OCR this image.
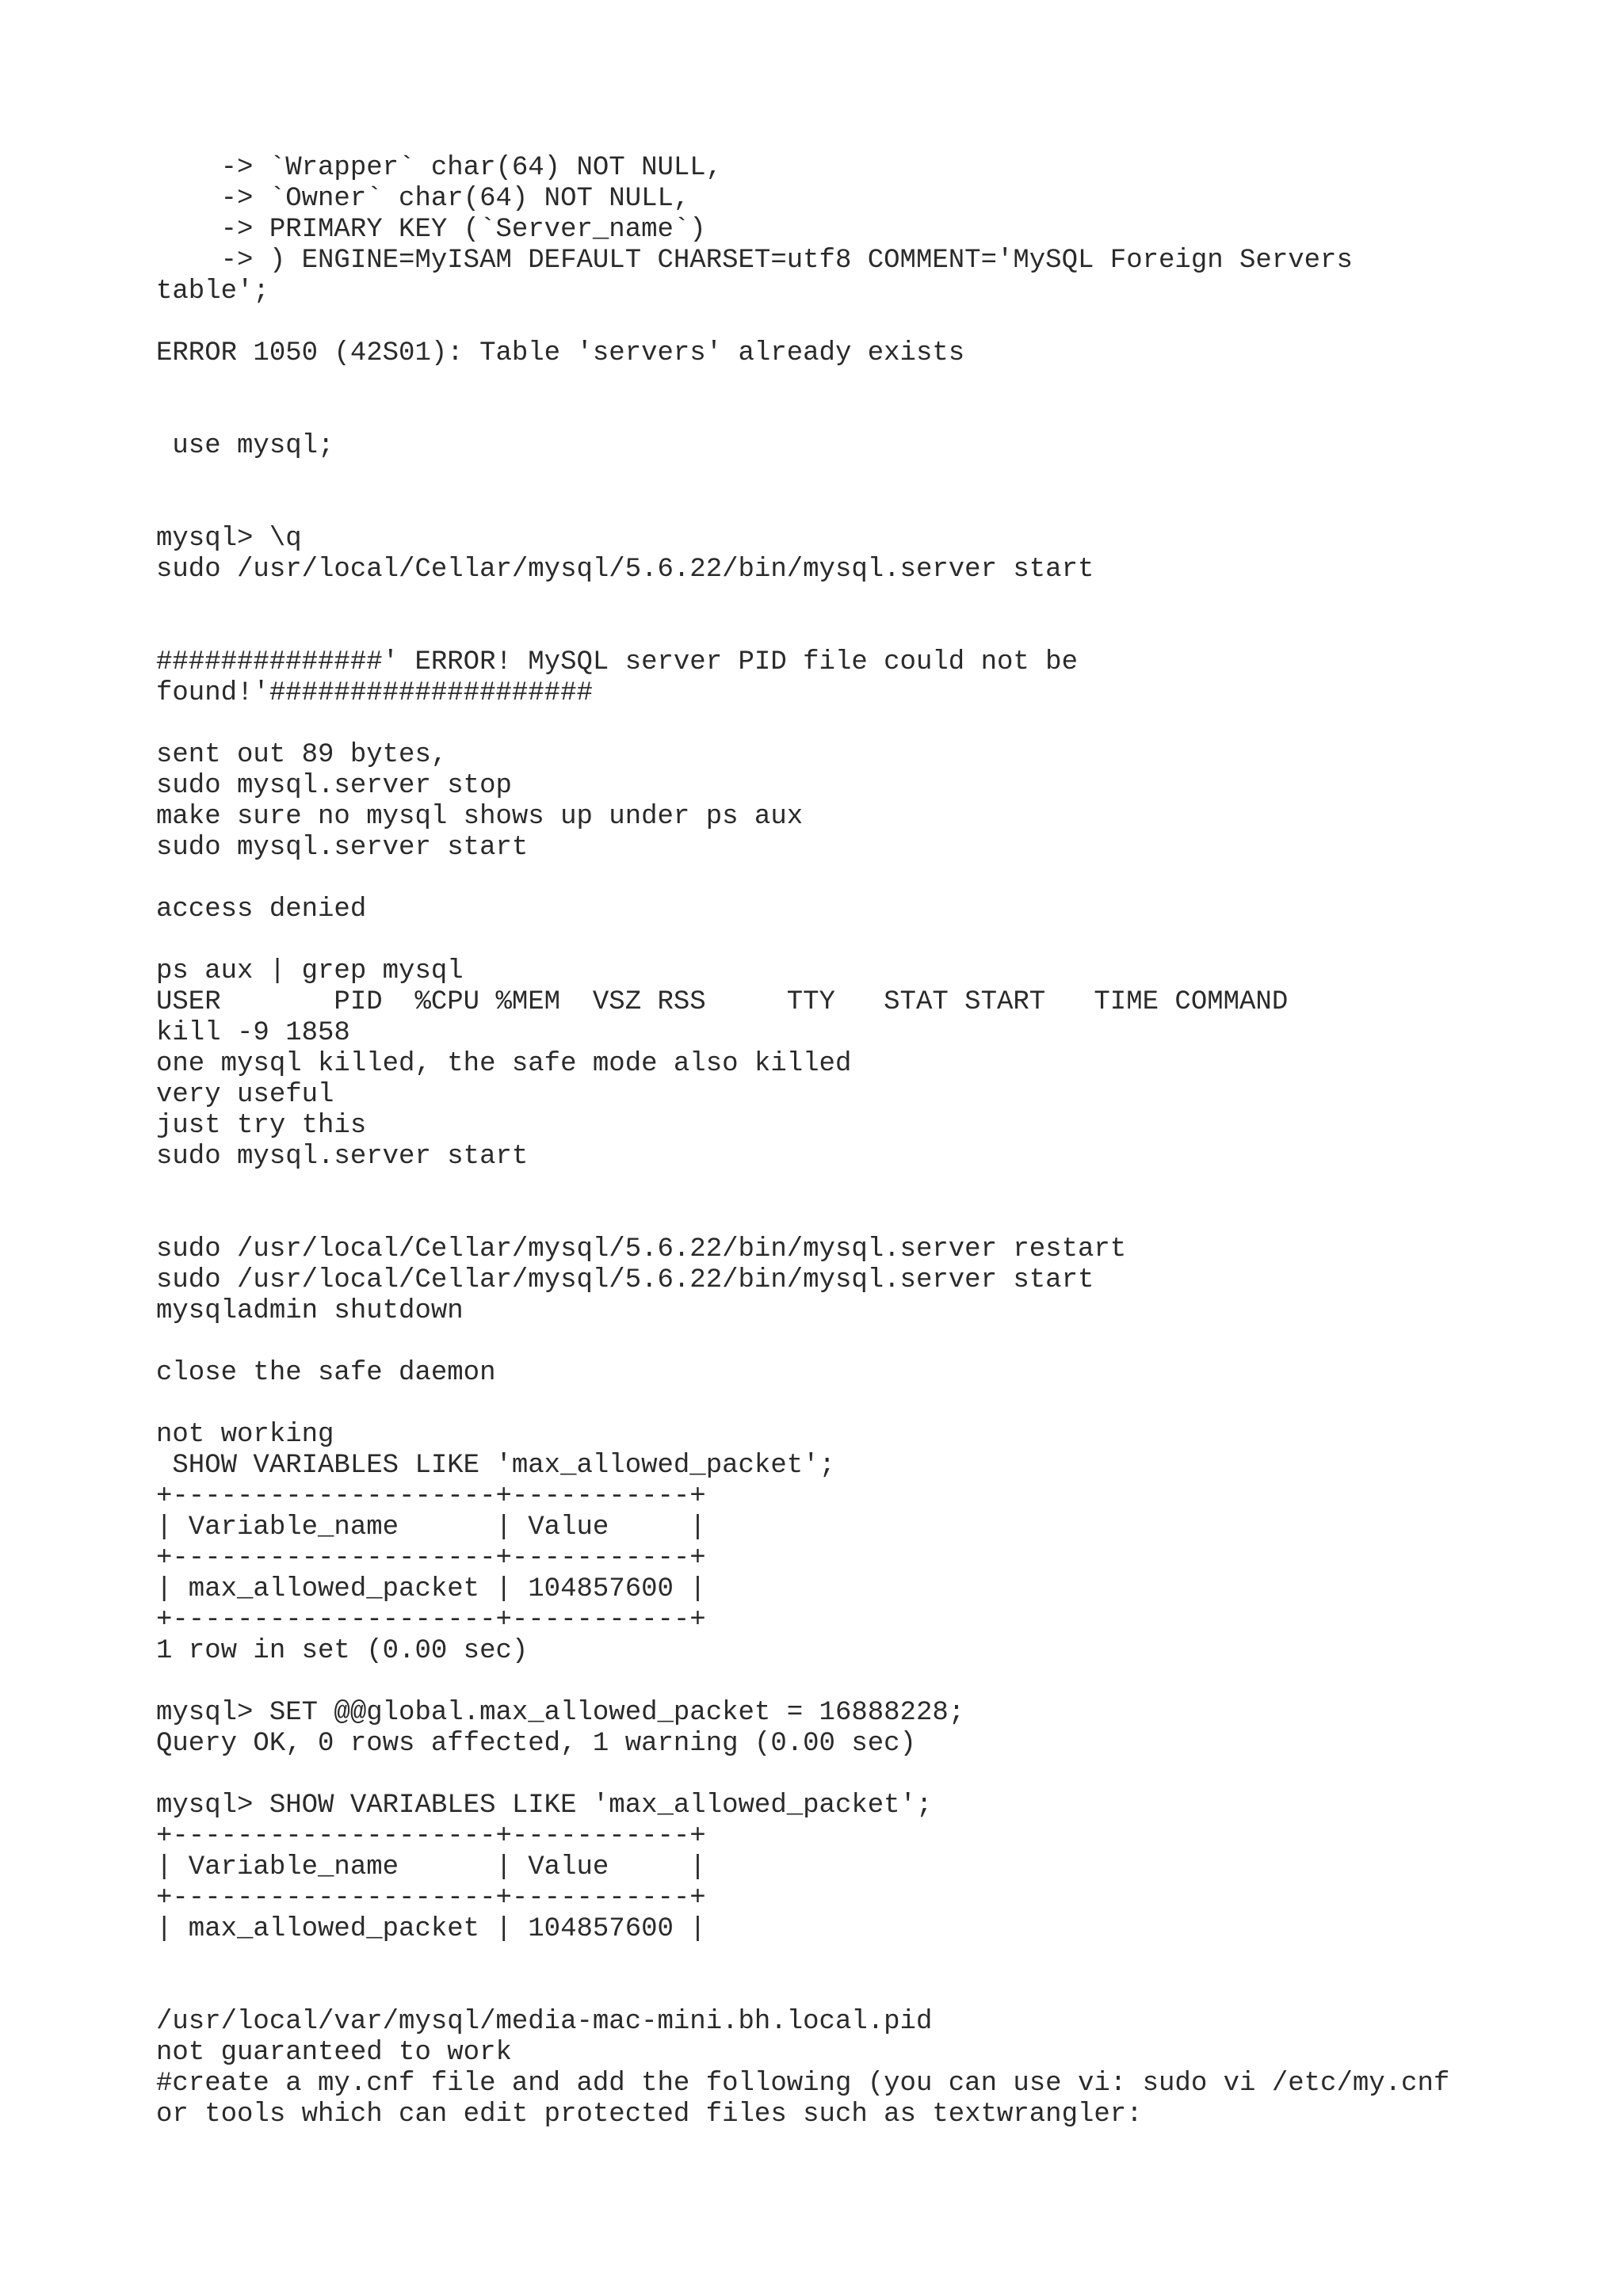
-> `Wrapper` char(64) NOT NULL,
-> `Owner` char(64) NOT NULL,
-> PRIMARY KEY (`Server_name`)
-> ) ENGINE=MyISAM DEFAULT CHARSET=utf8 COMMENT='MySQL Foreign Servers
table';
ERROR 1050 (42S01): Table 'servers' already exists
use mysql;
mysql> \q
sudo /usr/local/Cellar/mysql/5.6.22/bin/mysql.server start
##############' ERROR! MySQL server PID file could not be
found!'####################
sent out 89 bytes,
sudo mysql.server stop
make sure no mysql shows up under ps aux
sudo mysql.server start
access denied
ps aux | grep mysql
USER       PID  %CPU %MEM  VSZ RSS     TTY   STAT START   TIME COMMAND
kill -9 1858
one mysql killed, the safe mode also killed
very useful
just try this
sudo mysql.server start
sudo /usr/local/Cellar/mysql/5.6.22/bin/mysql.server restart
sudo /usr/local/Cellar/mysql/5.6.22/bin/mysql.server start
mysqladmin shutdown
close the safe daemon
not working
SHOW VARIABLES LIKE 'max_allowed_packet';
+--------------------+-----------+
| Variable_name      | Value     |
+--------------------+-----------+
| max_allowed_packet | 104857600 |
+--------------------+-----------+
1 row in set (0.00 sec)
mysql> SET @@global.max_allowed_packet = 16888228;
Query OK, 0 rows affected, 1 warning (0.00 sec)
mysql> SHOW VARIABLES LIKE 'max_allowed_packet';
+--------------------+-----------+
| Variable_name      | Value     |
+--------------------+-----------+
| max_allowed_packet | 104857600 |
/usr/local/var/mysql/media-mac-mini.bh.local.pid
not guaranteed to work
#create a my.cnf file and add the following (you can use vi: sudo vi /etc/my.cnf
or tools which can edit protected files such as textwrangler:
